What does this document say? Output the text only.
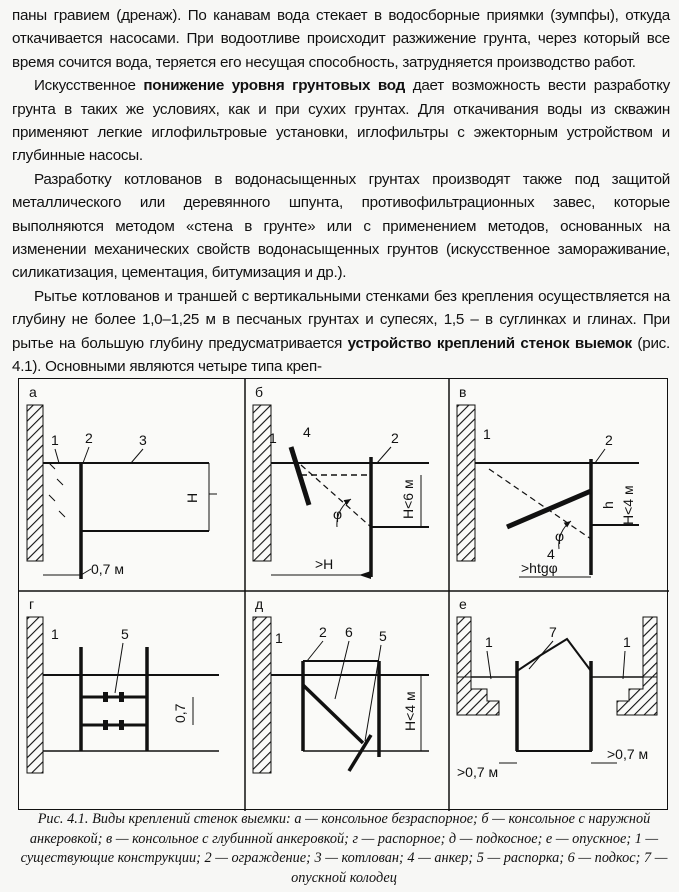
паны гравием (дренаж). По канавам вода стекает в водосборные приямки (зумпфы), откуда откачивается насосами. При водоотливе происходит разжижение грунта, через который все время сочится вода, теряется его несущая способность, затрудняется производство работ.

Искусственное понижение уровня грунтовых вод дает возможность вести разработку грунта в таких же условиях, как и при сухих грунтах. Для откачивания воды из скважин применяют легкие иглофильтровые установки, иглофильтры с эжекторным устройством и глубинные насосы.

Разработку котлованов в водонасыщенных грунтах производят также под защитой металлического или деревянного шпунта, противофильтрационных завес, которые выполняются методом «стена в грунте» или с применением методов, основанных на изменении механических свойств водонасыщенных грунтов (искусственное замораживание, силикатизация, цементация, битумизация и др.).

Рытье котлованов и траншей с вертикальными стенками без крепления осуществляется на глубину не более 1,0–1,25 м в песчаных грунтах и супесях, 1,5 – в суглинках и глинах. При рытье на большую глубину предусматривается устройство креплений стенок выемок (рис. 4.1). Основными являются четыре типа креп-

а
1 2	3
H
0,7 м
б
1 4	2
φ	H<6 м
>H
в
1	2
4
φ
h H<4 м
>htgφ
г
1	5
0,7
д
1	2 6 5
H<4 м
е
1
7
1
>0,7 м
>0,7 м
Рис. 4.1. Виды креплений стенок выемки: а — консольное безраспорное; б — консольное с наружной анкеровкой; в — консольное с глубинной анкеровкой; г — распорное; д — подкосное; е — опускное; 1 — существующие конструкции; 2 — ограждение; 3 — котлован; 4 — анкер; 5 — распорка; 6 — подкос; 7 — опускной колодец
